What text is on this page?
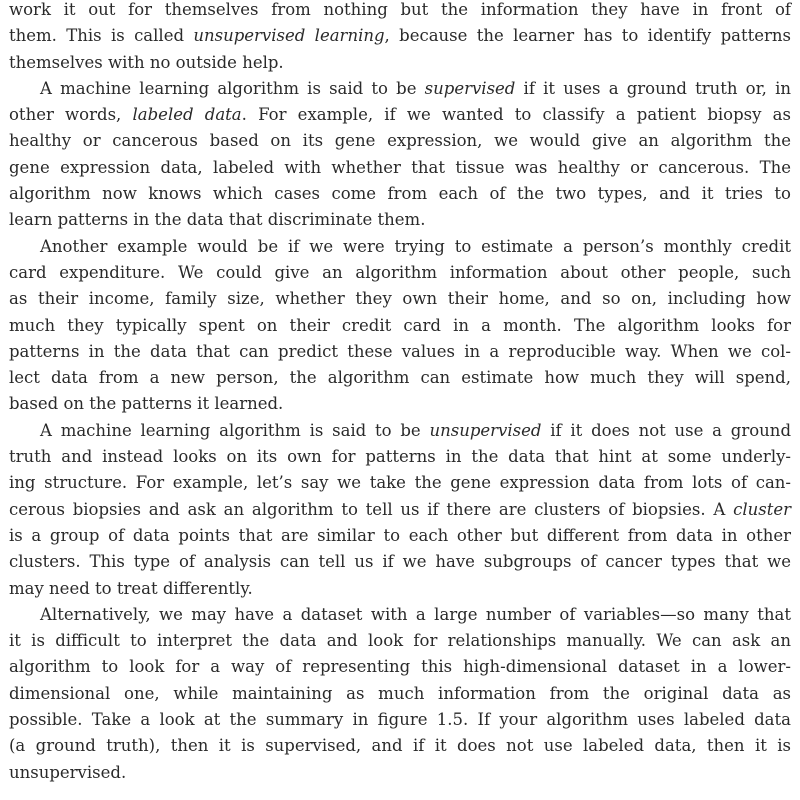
work it out for themselves from nothing but the information they have in front of
them. This is called unsupervised learning, because the learner has to identify patterns
themselves with no outside help.
A machine learning algorithm is said to be supervised if it uses a ground truth or, in
other words, labeled data. For example, if we wanted to classify a patient biopsy as
healthy or cancerous based on its gene expression, we would give an algorithm the
gene expression data, labeled with whether that tissue was healthy or cancerous. The
algorithm now knows which cases come from each of the two types, and it tries to
learn patterns in the data that discriminate them.
Another example would be if we were trying to estimate a person’s monthly credit
card expenditure. We could give an algorithm information about other people, such
as their income, family size, whether they own their home, and so on, including how
much they typically spent on their credit card in a month. The algorithm looks for
patterns in the data that can predict these values in a reproducible way. When we col-
lect data from a new person, the algorithm can estimate how much they will spend,
based on the patterns it learned.
A machine learning algorithm is said to be unsupervised if it does not use a ground
truth and instead looks on its own for patterns in the data that hint at some underly-
ing structure. For example, let’s say we take the gene expression data from lots of can-
cerous biopsies and ask an algorithm to tell us if there are clusters of biopsies. A cluster
is a group of data points that are similar to each other but different from data in other
clusters. This type of analysis can tell us if we have subgroups of cancer types that we
may need to treat differently.
Alternatively, we may have a dataset with a large number of variables—so many that
it is difficult to interpret the data and look for relationships manually. We can ask an
algorithm to look for a way of representing this high-dimensional dataset in a lower-
dimensional one, while maintaining as much information from the original data as
possible. Take a look at the summary in figure 1.5. If your algorithm uses labeled data
(a ground truth), then it is supervised, and if it does not use labeled data, then it is
unsupervised.
